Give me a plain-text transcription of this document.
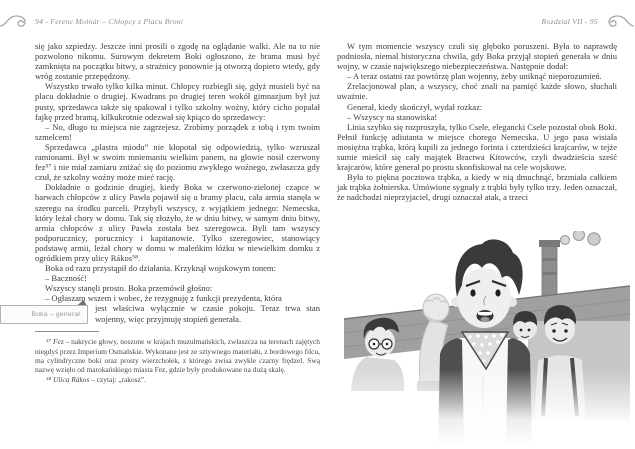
94 - Ferenc Molnár – Chłopcy z Placu Broni	Rozdział VII - 95

się jako szpiedzy. Jeszcze inni prosili o zgodę na oglądanie walki. Ale na to nie pozwolono nikomu. Surowym dekretem Boki ogłoszono, że brama musi być zamknięta na początku bitwy, a strażnicy ponownie ją otworzą dopiero wtedy, gdy wróg zostanie przepędzony.

Wszystko trwało tylko kilka minut. Chłopcy rozbiegli się, gdyż musieli być na placu dokładnie o drugiej. Kwadrans po drugiej teren wokół gimnazjum był już pusty, sprzedawca także się spakował i tylko szkolny woźny, który cicho popalał fajkę przed bramą, kilkukrotnie odezwał się kpiąco do sprzedawcy:

– No, długo tu miejsca nie zagrzejesz. Zrobimy porządek z tobą i tym twoim szmelcem!

Sprzedawca „plastra miodu” nie kłopotał się odpowiedzią, tylko wzruszał ramionami. Był w swoim mniemaniu wielkim panem, na głowie nosił czerwony fez⁵⁷ i nie miał zamiaru zniżać się do poziomu zwykłego woźnego, zwłaszcza gdy czuł, że szkolny woźny może mieć rację.

Dokładnie o godzinie drugiej, kiedy Boka w czerwono-zielonej czapce w barwach chłopców z ulicy Pawła pojawił się u bramy placu, cała armia stanęła w szeregu na środku parceli. Przybyli wszyscy, z wyjątkiem jednego: Nemecska, który leżał chory w domu. Tak się złożyło, że w dniu bitwy, w samym dniu bitwy, armia chłopców z ulicy Pawła została bez szeregowca. Byli tam wszyscy podporucznicy, porucznicy i kapitanowie. Tylko szeregowiec, stanowiący podstawę armii, leżał chory w domu w maleńkim łóżku w niewielkim domku z ogródkiem przy ulicy Rákos⁵⁸.

Boka od razu przystąpił do działania. Krzyknął wojskowym tonem:

– Baczność!

Wszyscy stanęli prosto. Boka przemówił głośno:

– Ogłaszam wszem i wobec, że rezygnuję z funkcji prezydenta, która

Boka – generał

jest właściwa wyłącznie w czasie pokoju. Teraz trwa stan wojenny, więc przyjmuję stopień generała.

⁵⁷ Fez – nakrycie głowy, noszone w krajach muzułmańskich, zwłaszcza na terenach zajętych niegdyś przez Imperium Osmańskie. Wykonane jest ze sztywnego materiału, z bordowego filcu, ma cylindryczne boki oraz prosty wierzchołek, z którego zwisa zwykle czarny frędzel. Swą nazwę wzięło od marokańskiego miasta Fez, gdzie były produkowane na dużą skalę.

⁵⁸ Ulica Rákos – czytaj: „rakosz”.

W tym momencie wszyscy czuli się głęboko poruszeni. Była to naprawdę podniosła, niemal historyczna chwila, gdy Boka przyjął stopień generała w dniu wojny, w czasie największego niebezpieczeństwa. Następnie dodał:

– A teraz ostatni raz powtórzę plan wojenny, żeby uniknąć nieporozumień.

Zrelacjonował plan, a wszyscy, choć znali na pamięć każde słowo, słuchali uważnie.

Generał, kiedy skończył, wydał rozkaz:

– Wszyscy na stanowiska!

Linia szybko się rozproszyła, tylko Csele, elegancki Csele pozostał obok Boki. Pełnił funkcję adiutanta w miejsce chorego Nemecska. U jego pasa wisiała mosiężna trąbka, którą kupili za jednego forinta i czterdzieści krajcarów, w tejże sumie mieścił się cały majątek Bractwa Kitowców, czyli dwadzieścia sześć krajcarów, które generał po prostu skonfiskował na cele wojskowe.

Była to piękna pocztowa trąbka, a kiedy w nią dmuchnąć, brzmiała całkiem jak trąbka żołnierska. Umówione sygnały z trąbki były tylko trzy. Jeden oznaczał, że nadchodzi nieprzyjaciel, drugi oznaczał atak, a trzeci
